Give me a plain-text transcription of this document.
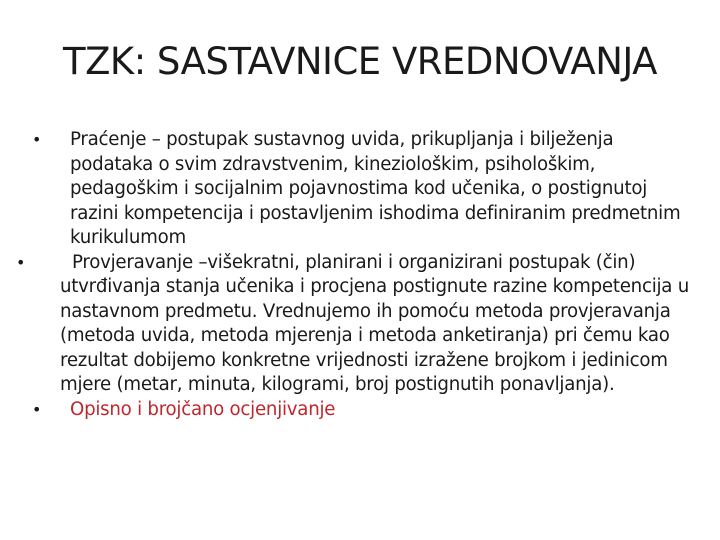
TZK: SASTAVNICE VREDNOVANJA
• Praćenje – postupak sustavnog uvida, prikupljanja i bilježenja podataka o svim zdravstvenim, kineziološkim, psihološkim, pedagoškim i socijalnim pojavnostima kod učenika, o postignutoj razini kompetencija i postavljenim ishodima definiranim predmetnim kurikulumom
•	Provjeravanje –višekratni, planirani i organizirani postupak (čin) utvrđivanja stanja učenika i procjena postignute razine kompetencija u nastavnom predmetu. Vrednujemo ih pomoću metoda provjeravanja (metoda uvida, metoda mjerenja i metoda anketiranja) pri čemu kao rezultat dobijemo konkretne vrijednosti izražene brojkom i jedinicom mjere (metar, minuta, kilogrami, broj postignutih ponavljanja).
• Opisno i brojčano ocjenjivanje
